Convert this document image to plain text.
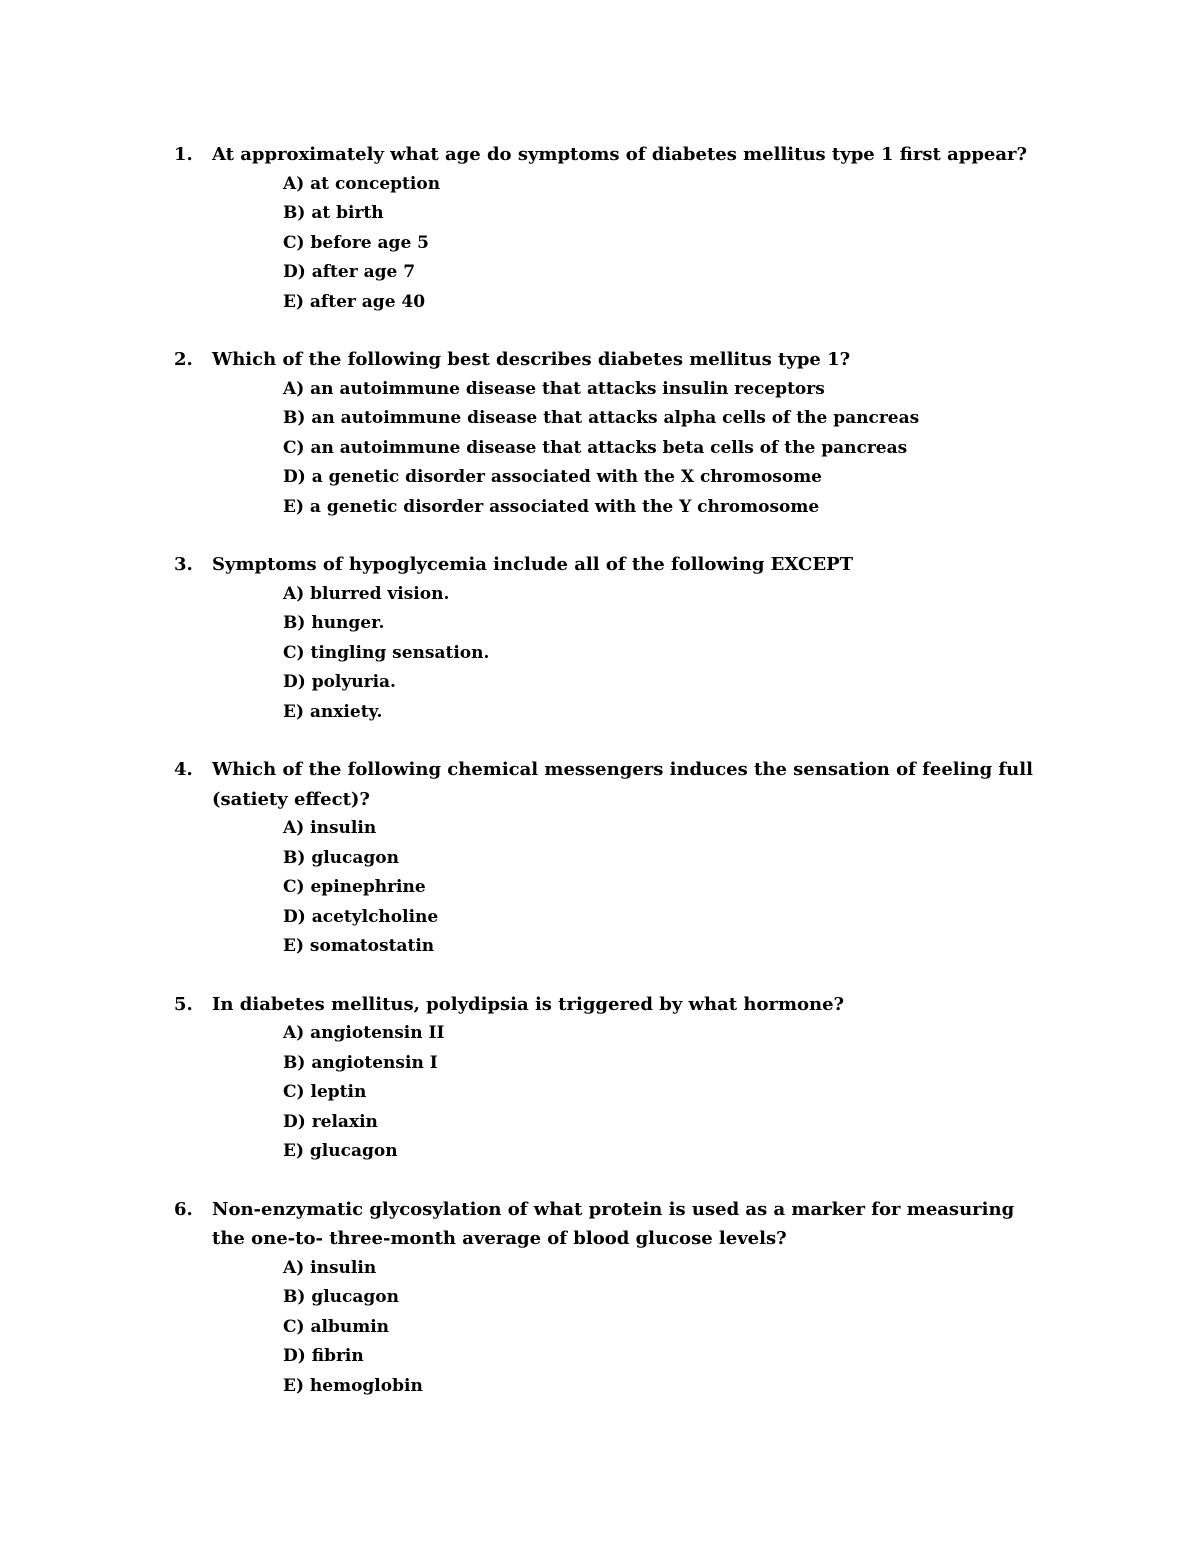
1. At approximately what age do symptoms of diabetes mellitus type 1 first appear?
A) at conception
B) at birth
C) before age 5
D) after age 7
E) after age 40
2. Which of the following best describes diabetes mellitus type 1?
A) an autoimmune disease that attacks insulin receptors
B) an autoimmune disease that attacks alpha cells of the pancreas
C) an autoimmune disease that attacks beta cells of the pancreas
D) a genetic disorder associated with the X chromosome
E) a genetic disorder associated with the Y chromosome
3. Symptoms of hypoglycemia include all of the following EXCEPT
A) blurred vision.
B) hunger.
C) tingling sensation.
D) polyuria.
E) anxiety.
4. Which of the following chemical messengers induces the sensation of feeling full (satiety effect)?
A) insulin
B) glucagon
C) epinephrine
D) acetylcholine
E) somatostatin
5. In diabetes mellitus, polydipsia is triggered by what hormone?
A) angiotensin II
B) angiotensin I
C) leptin
D) relaxin
E) glucagon
6. Non-enzymatic glycosylation of what protein is used as a marker for measuring the one-to- three-month average of blood glucose levels?
A) insulin
B) glucagon
C) albumin
D) fibrin
E) hemoglobin
